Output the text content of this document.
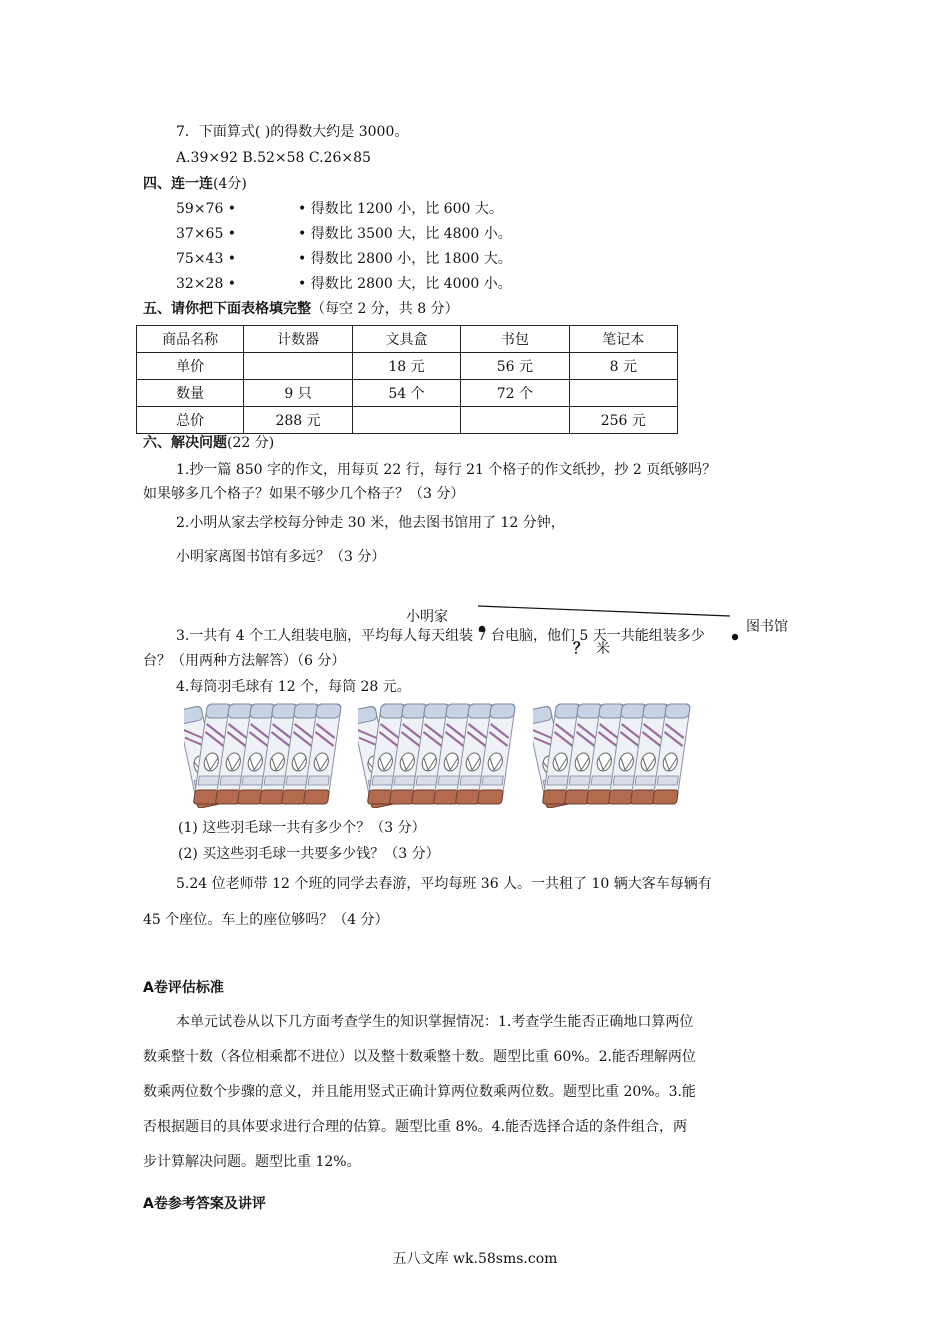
7．下面算式( )的得数大约是 3000。
A.39×92 B.52×58 C.26×85
四、连一连(4分)
59×76 •	• 得数比 1200 小，比 600 大。
37×65 •	• 得数比 3500 大，比 4800 小。
75×43 •	• 得数比 2800 小，比 1800 大。
32×28 •	• 得数比 2800 大，比 4000 小。
五、请你把下面表格填完整（每空 2 分，共 8 分）
商品名称	计数器	文具盒	书包	笔记本
单价		18 元	56 元	8 元
数量	9 只	54 个	72 个	
总价	288 元			256 元
六、解决问题(22 分)
1.抄一篇 850 字的作文，用每页 22 行，每行 21 个格子的作文纸抄，抄 2 页纸够吗？
如果够多几个格子？如果不够少几个格子？（3 分）
2.小明从家去学校每分钟走 30 米，他去图书馆用了 12 分钟，
小明家离图书馆有多远？（3 分）
小明家
图书馆
？ 米
3.一共有 4 个工人组装电脑，平均每人每天组装 7 台电脑，他们 5 天一共能组装多少
台？（用两种方法解答）（6 分）
4.每筒羽毛球有 12 个，每筒 28 元。
(1) 这些羽毛球一共有多少个？（3 分）
(2) 买这些羽毛球一共要多少钱？（3 分）
5.24 位老师带 12 个班的同学去春游，平均每班 36 人。一共租了 10 辆大客车每辆有
45 个座位。车上的座位够吗？（4 分）
A卷评估标准
本单元试卷从以下几方面考查学生的知识掌握情况：1.考查学生能否正确地口算两位
数乘整十数（各位相乘都不进位）以及整十数乘整十数。题型比重 60%。2.能否理解两位
数乘两位数个步骤的意义，并且能用竖式正确计算两位数乘两位数。题型比重 20%。3.能
否根据题目的具体要求进行合理的估算。题型比重 8%。4.能否选择合适的条件组合，两
步计算解决问题。题型比重 12%。
A卷参考答案及讲评
五八文库 wk.58sms.com
